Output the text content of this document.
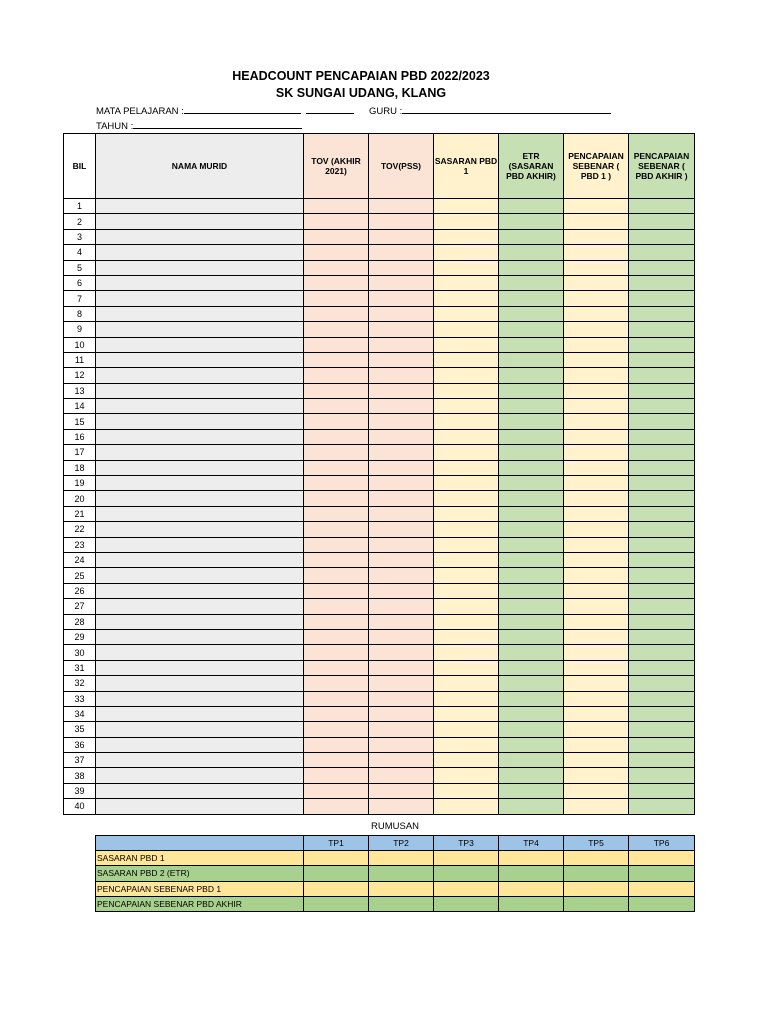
HEADCOUNT PENCAPAIAN PBD 2022/2023
SK SUNGAI UDANG, KLANG
MATA PELAJARAN :	GURU :
TAHUN :
BIL	NAMA MURID	TOV (AKHIR 2021)	TOV(PSS)	SASARAN PBD 1	ETR (SASARAN PBD AKHIR)	PENCAPAIAN SEBENAR ( PBD 1 )	PENCAPAIAN SEBENAR ( PBD AKHIR )
1							
2							
3							
4							
5							
6							
7							
8							
9							
10							
11							
12							
13							
14							
15							
16							
17							
18							
19							
20							
21							
22							
23							
24							
25							
26							
27							
28							
29							
30							
31							
32							
33							
34							
35							
36							
37							
38							
39							
40							
RUMUSAN
	TP1	TP2	TP3	TP4	TP5	TP6
SASARAN PBD 1						
SASARAN PBD 2 (ETR)						
PENCAPAIAN SEBENAR PBD 1						
PENCAPAIAN SEBENAR PBD AKHIR						
